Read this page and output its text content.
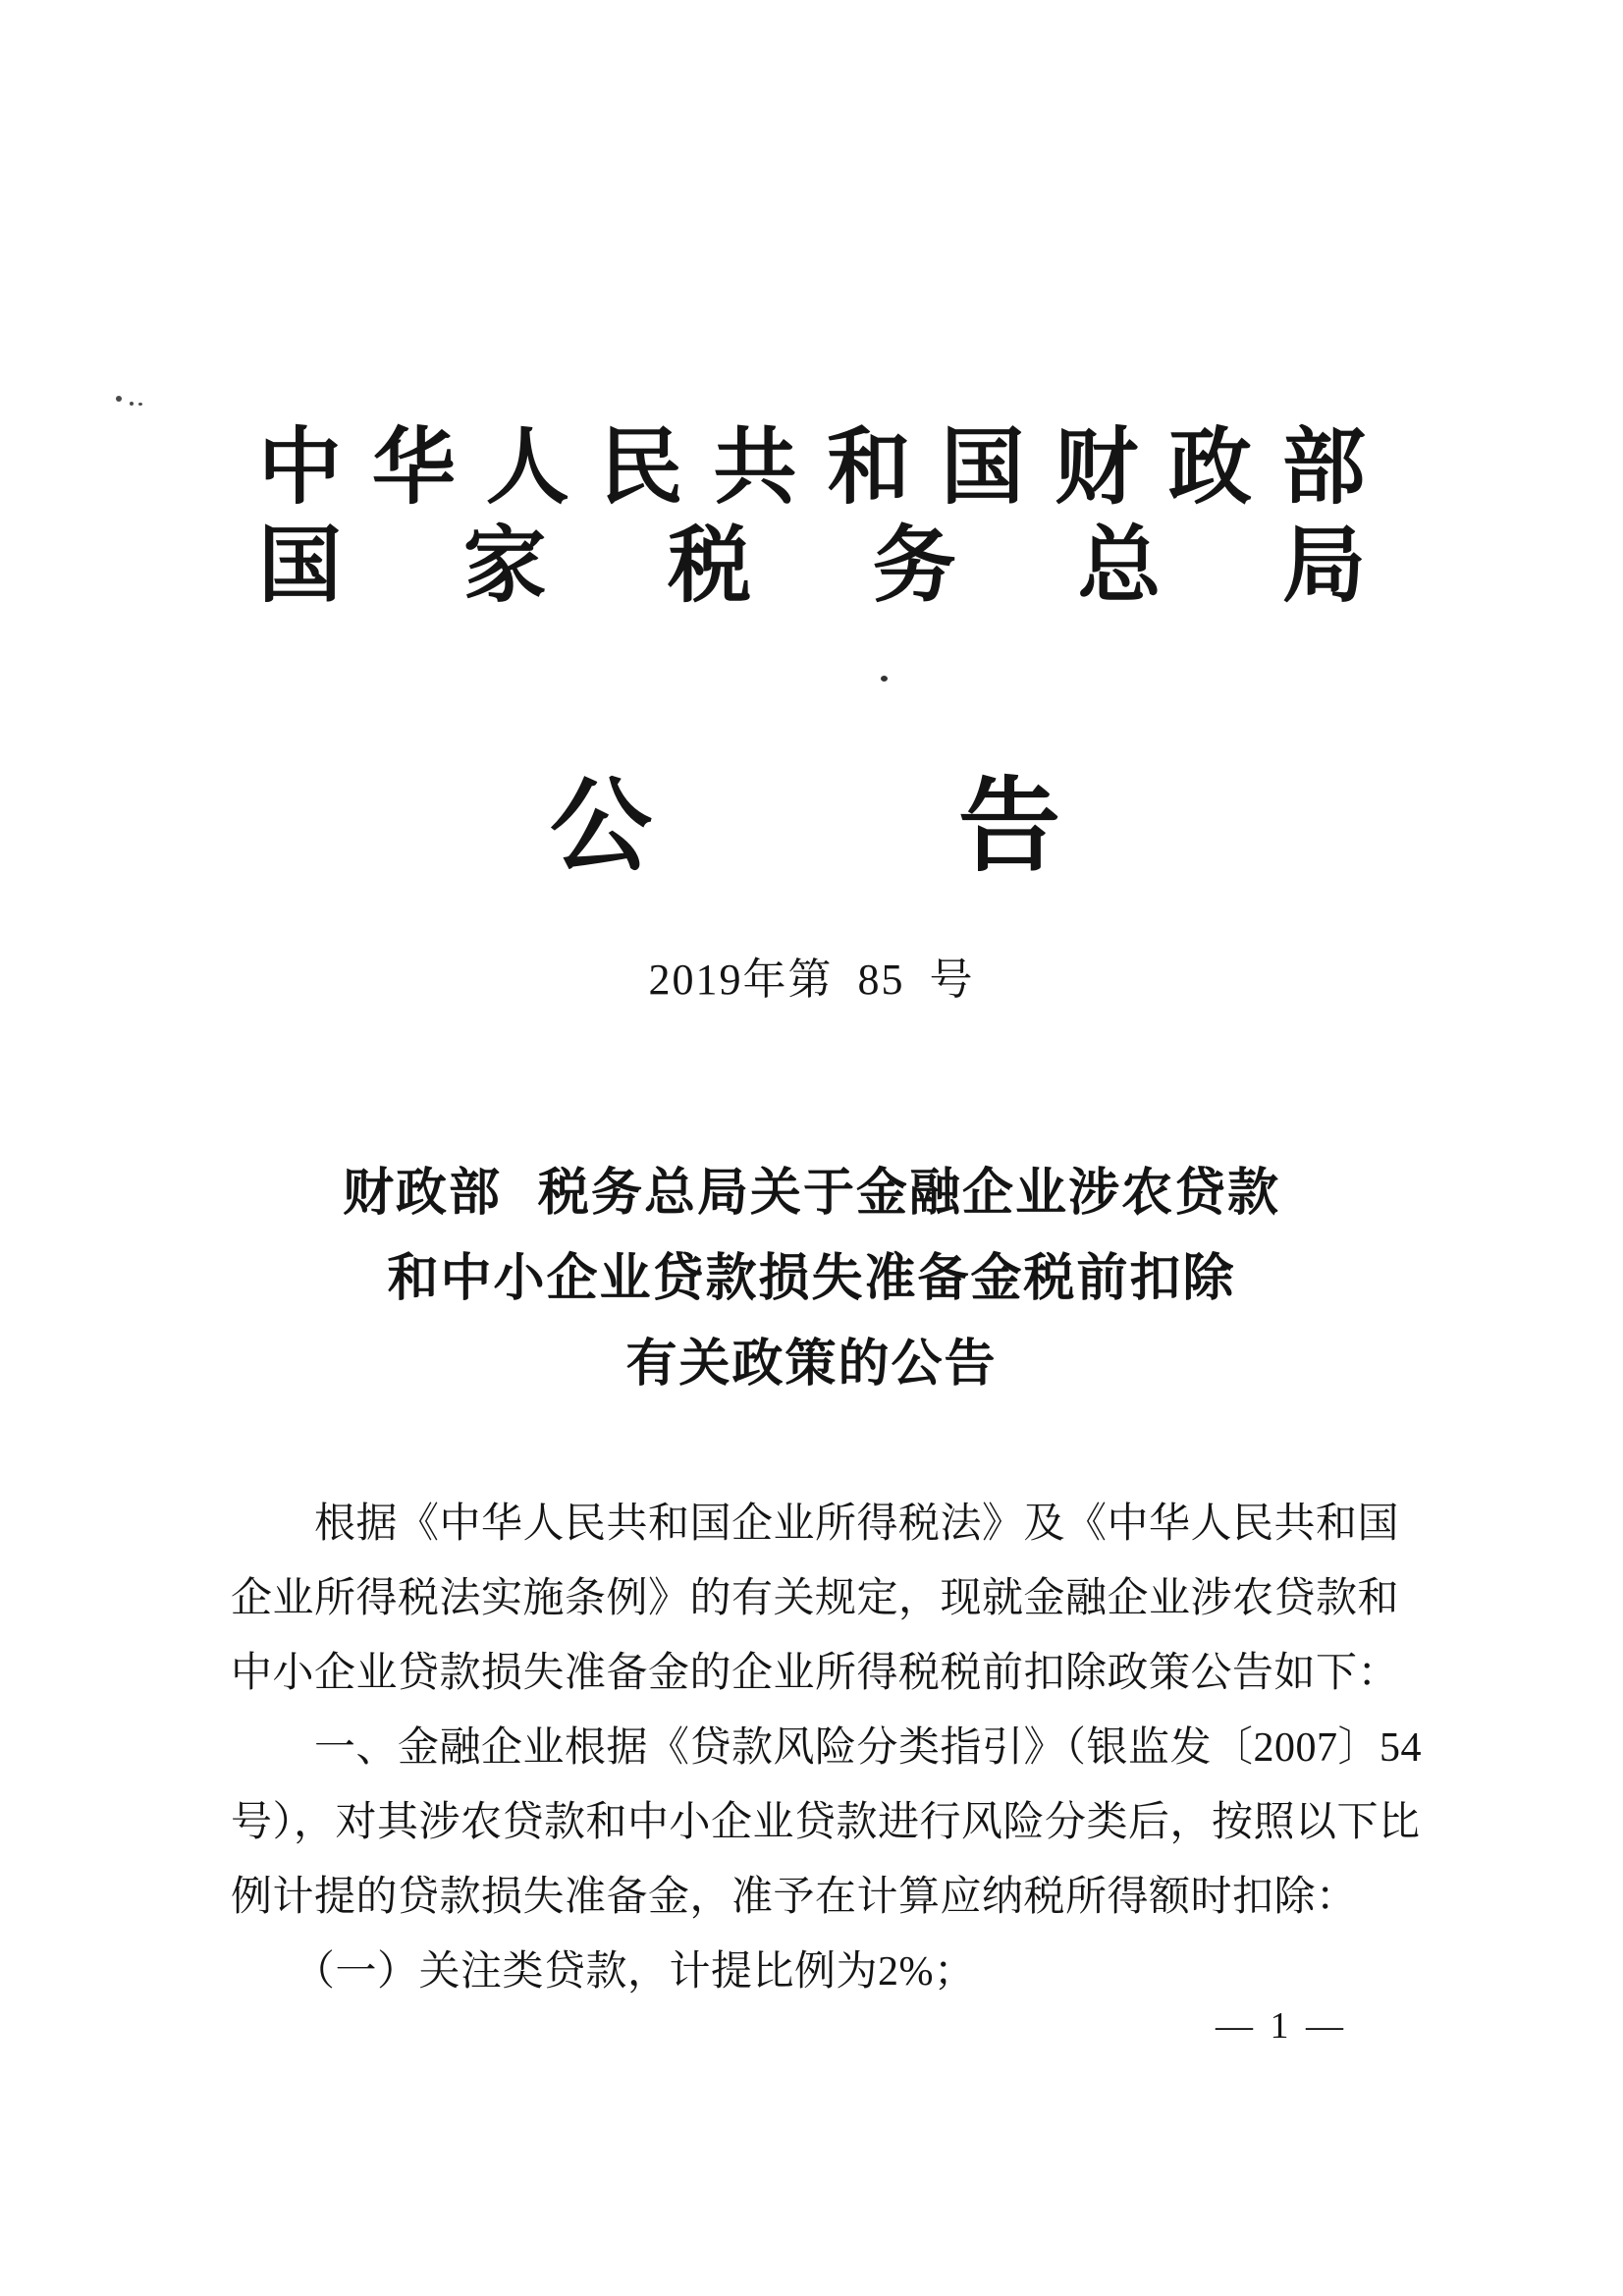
中 华 人 民 共 和 国 财 政 部
国 家 税 务 总 局
公	告
2019年第 85 号
财政部 税务总局关于金融企业涉农贷款
和中小企业贷款损失准备金税前扣除
有关政策的公告
　　根据《中华人民共和国企业所得税法》及《中华人民共和国
企业所得税法实施条例》的有关规定，现就金融企业涉农贷款和
中小企业贷款损失准备金的企业所得税税前扣除政策公告如下：
　　一、金融企业根据《贷款风险分类指引》（银监发〔2007〕54
号），对其涉农贷款和中小企业贷款进行风险分类后，按照以下比
例计提的贷款损失准备金，准予在计算应纳税所得额时扣除：
　　（一）关注类贷款，计提比例为2%；
— 1 —
